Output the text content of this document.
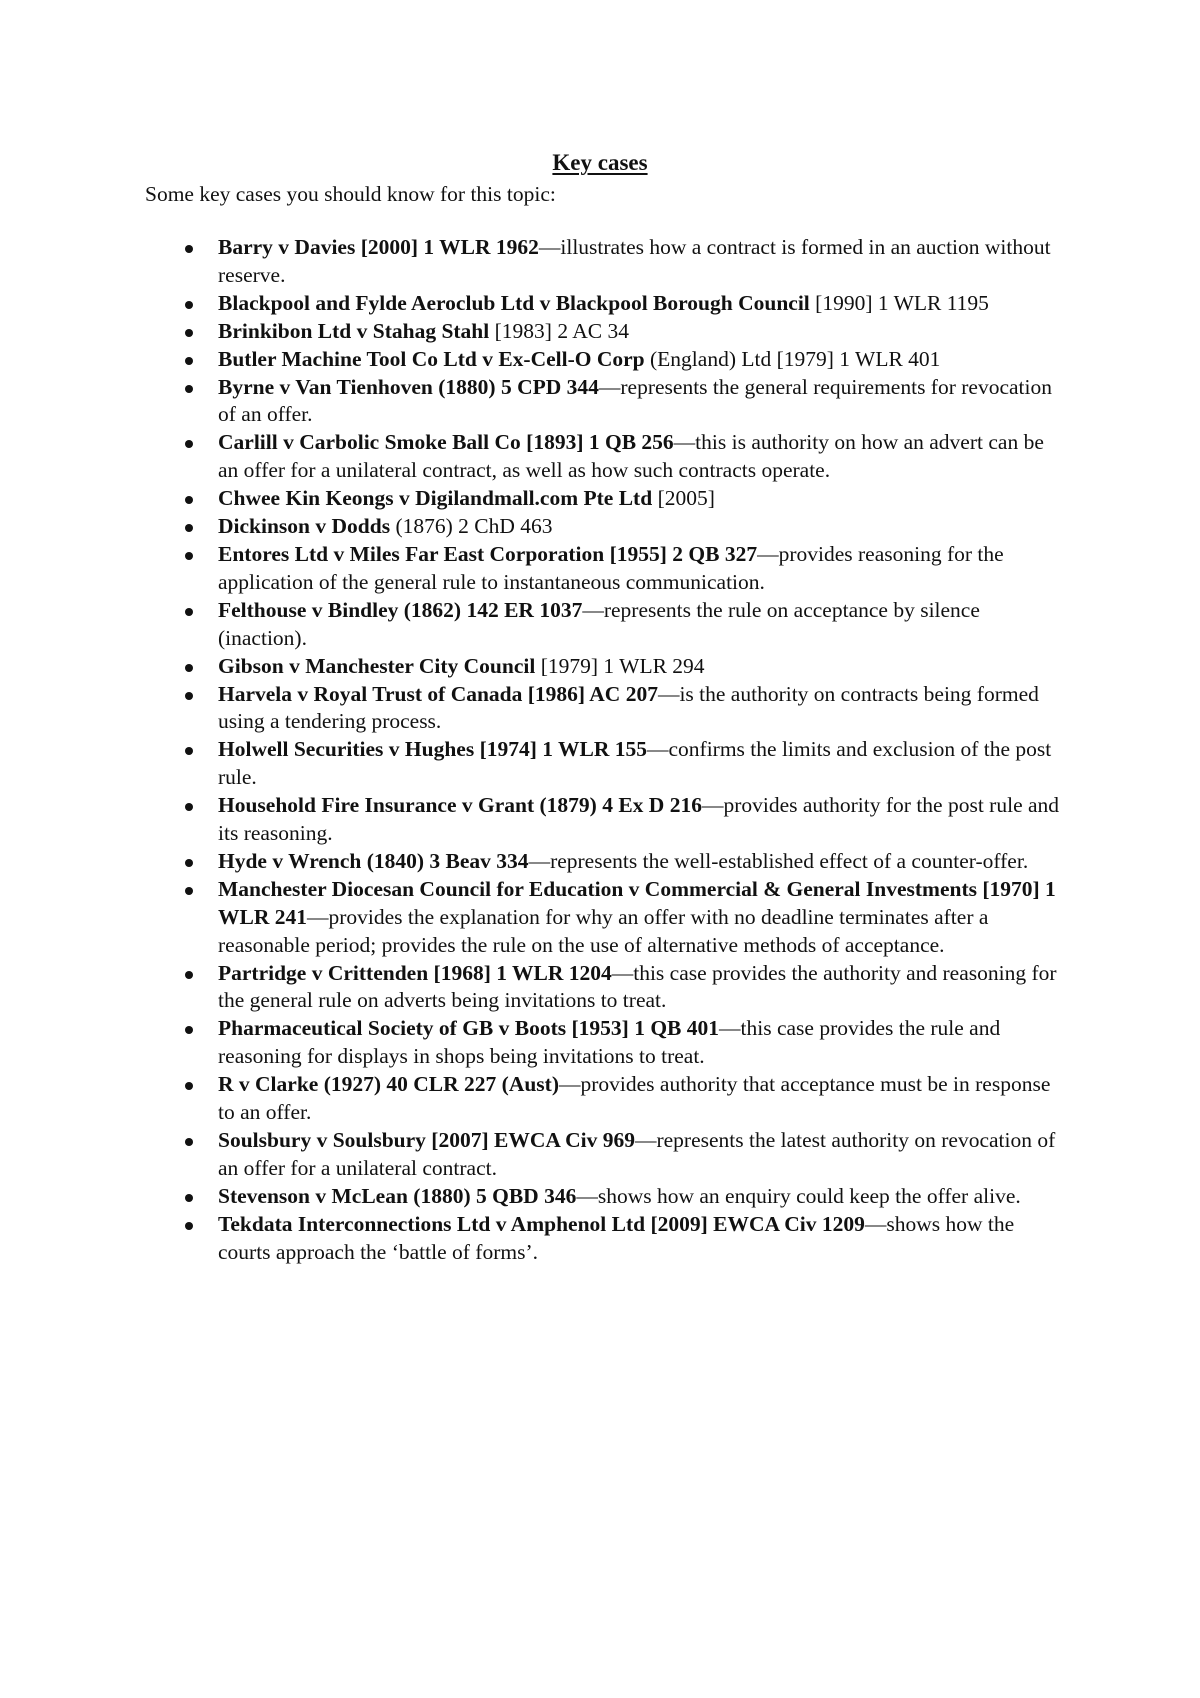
Key cases
Some key cases you should know for this topic:
Barry v Davies [2000] 1 WLR 1962—illustrates how a contract is formed in an auction without reserve.
Blackpool and Fylde Aeroclub Ltd v Blackpool Borough Council [1990] 1 WLR 1195
Brinkibon Ltd v Stahag Stahl [1983] 2 AC 34
Butler Machine Tool Co Ltd v Ex-Cell-O Corp (England) Ltd [1979] 1 WLR 401
Byrne v Van Tienhoven (1880) 5 CPD 344—represents the general requirements for revocation of an offer.
Carlill v Carbolic Smoke Ball Co [1893] 1 QB 256—this is authority on how an advert can be an offer for a unilateral contract, as well as how such contracts operate.
Chwee Kin Keongs v Digilandmall.com Pte Ltd [2005]
Dickinson v Dodds (1876) 2 ChD 463
Entores Ltd v Miles Far East Corporation [1955] 2 QB 327—provides reasoning for the application of the general rule to instantaneous communication.
Felthouse v Bindley (1862) 142 ER 1037—represents the rule on acceptance by silence (inaction).
Gibson v Manchester City Council [1979] 1 WLR 294
Harvela v Royal Trust of Canada [1986] AC 207—is the authority on contracts being formed using a tendering process.
Holwell Securities v Hughes [1974] 1 WLR 155—confirms the limits and exclusion of the post rule.
Household Fire Insurance v Grant (1879) 4 Ex D 216—provides authority for the post rule and its reasoning.
Hyde v Wrench (1840) 3 Beav 334—represents the well-established effect of a counter-offer.
Manchester Diocesan Council for Education v Commercial & General Investments [1970] 1 WLR 241—provides the explanation for why an offer with no deadline terminates after a reasonable period; provides the rule on the use of alternative methods of acceptance.
Partridge v Crittenden [1968] 1 WLR 1204—this case provides the authority and reasoning for the general rule on adverts being invitations to treat.
Pharmaceutical Society of GB v Boots [1953] 1 QB 401—this case provides the rule and reasoning for displays in shops being invitations to treat.
R v Clarke (1927) 40 CLR 227 (Aust)—provides authority that acceptance must be in response to an offer.
Soulsbury v Soulsbury [2007] EWCA Civ 969—represents the latest authority on revocation of an offer for a unilateral contract.
Stevenson v McLean (1880) 5 QBD 346—shows how an enquiry could keep the offer alive.
Tekdata Interconnections Ltd v Amphenol Ltd [2009] EWCA Civ 1209—shows how the courts approach the ‘battle of forms’.
